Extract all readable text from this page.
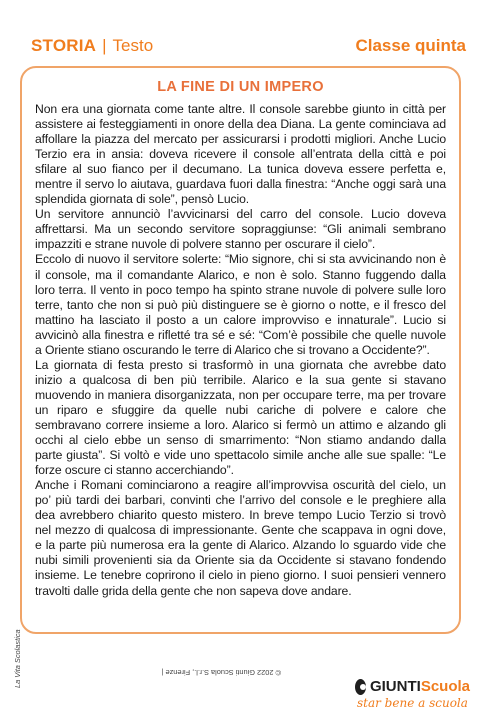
STORIA | Testo	Classe quinta
LA FINE DI UN IMPERO

Non era una giornata come tante altre. Il console sarebbe giunto in città per assistere ai festeggiamenti in onore della dea Diana. La gente cominciava ad affollare la piazza del mercato per assicurarsi i prodotti migliori. Anche Lucio Terzio era in ansia: doveva ricevere il console all’entrata della città e poi sfilare al suo fianco per il decumano. La tunica doveva essere perfetta e, mentre il servo lo aiutava, guardava fuori dalla finestra: “Anche oggi sarà una splendida giornata di sole”, pensò Lucio.

Un servitore annunciò l’avvicinarsi del carro del console. Lucio doveva affrettarsi. Ma un secondo servitore sopraggiunse: “Gli animali sembrano impazziti e strane nuvole di polvere stanno per oscurare il cielo”.

Eccolo di nuovo il servitore solerte: “Mio signore, chi si sta avvicinando non è il console, ma il comandante Alarico, e non è solo. Stanno fuggendo dalla loro terra. Il vento in poco tempo ha spinto strane nuvole di polvere sulle loro terre, tanto che non si può più distinguere se è giorno o notte, e il fresco del mattino ha lasciato il posto a un calore improvviso e innaturale”. Lucio si avvicinò alla finestra e rifletté tra sé e sé: “Com’è possibile che quelle nuvole a Oriente stiano oscurando le terre di Alarico che si trovano a Occidente?”.

La giornata di festa presto si trasformò in una giornata che avrebbe dato inizio a qualcosa di ben più terribile. Alarico e la sua gente si stavano muovendo in maniera disorganizzata, non per occupare terre, ma per trovare un riparo e sfuggire da quelle nubi cariche di polvere e calore che sembravano correre insieme a loro. Alarico si fermò un attimo e alzando gli occhi al cielo ebbe un senso di smarrimento: “Non stiamo andando dalla parte giusta”. Si voltò e vide uno spettacolo simile anche alle sue spalle: “Le forze oscure ci stanno accerchiando”.

Anche i Romani cominciarono a reagire all’improvvisa oscurità del cielo, un po’ più tardi dei barbari, convinti che l’arrivo del console e le preghiere alla dea avrebbero chiarito questo mistero. In breve tempo Lucio Terzio si trovò nel mezzo di qualcosa di impressionante. Gente che scappava in ogni dove, e la parte più numerosa era la gente di Alarico. Alzando lo sguardo vide che nubi simili provenienti sia da Oriente sia da Occidente si stavano fondendo insieme. Le tenebre coprirono il cielo in pieno giorno. I suoi pensieri vennero travolti dalle grida della gente che non sapeva dove andare.

© 2022 Giunti Scuola S.r.l., Firenze |
La Vita Scolastica	GIUNTIScuola
star bene a scuola
